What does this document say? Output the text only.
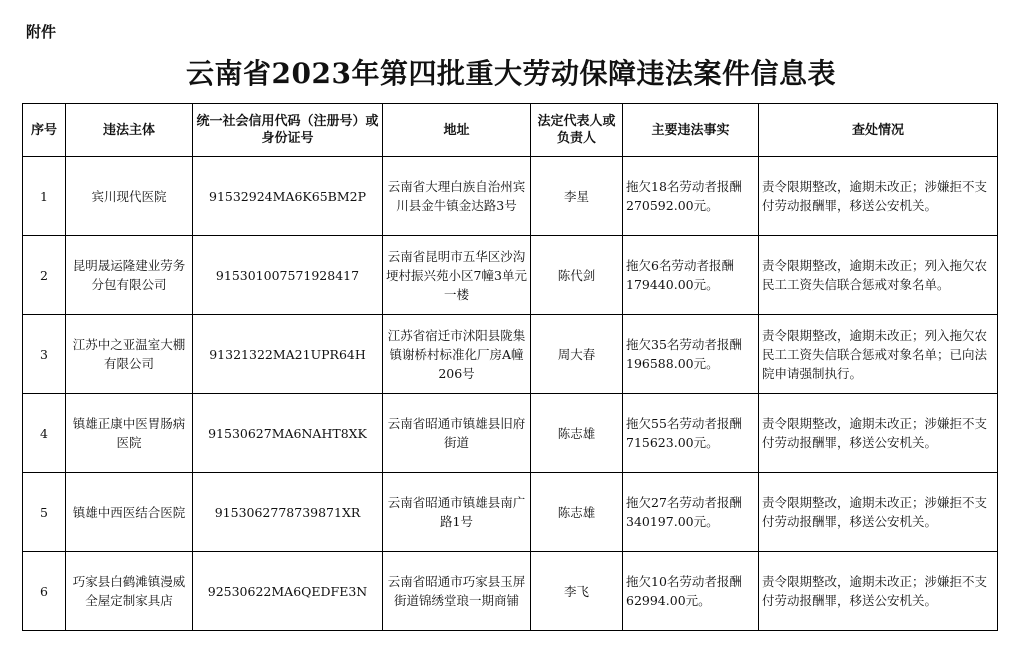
附件
云南省2023年第四批重大劳动保障违法案件信息表
序号	违法主体	统一社会信用代码（注册号）或身份证号	地址	法定代表人或负责人	主要违法事实	查处情况
1	宾川现代医院	91532924MA6K65BM2P	云南省大理白族自治州宾川县金牛镇金达路3号	李星	拖欠18名劳动者报酬270592.00元。	责令限期整改，逾期未改正；涉嫌拒不支付劳动报酬罪，移送公安机关。
2	昆明晟运隆建业劳务分包有限公司	915301007571928417	云南省昆明市五华区沙沟埂村振兴苑小区7幢3单元一楼	陈代剑	拖欠6名劳动者报酬179440.00元。	责令限期整改，逾期未改正；列入拖欠农民工工资失信联合惩戒对象名单。
3	江苏中之亚温室大棚有限公司	91321322MA21UPR64H	江苏省宿迁市沭阳县陇集镇谢桥村标准化厂房A幢206号	周大春	拖欠35名劳动者报酬196588.00元。	责令限期整改，逾期未改正；列入拖欠农民工工资失信联合惩戒对象名单；已向法院申请强制执行。
4	镇雄正康中医胃肠病医院	91530627MA6NAHT8XK	云南省昭通市镇雄县旧府街道	陈志雄	拖欠55名劳动者报酬715623.00元。	责令限期整改，逾期未改正；涉嫌拒不支付劳动报酬罪，移送公安机关。
5	镇雄中西医结合医院	9153062778739871XR	云南省昭通市镇雄县南广路1号	陈志雄	拖欠27名劳动者报酬340197.00元。	责令限期整改，逾期未改正；涉嫌拒不支付劳动报酬罪，移送公安机关。
6	巧家县白鹤滩镇漫威全屋定制家具店	92530622MA6QEDFE3N	云南省昭通市巧家县玉屏街道锦绣堂琅一期商铺	李飞	拖欠10名劳动者报酬62994.00元。	责令限期整改，逾期未改正；涉嫌拒不支付劳动报酬罪，移送公安机关。
